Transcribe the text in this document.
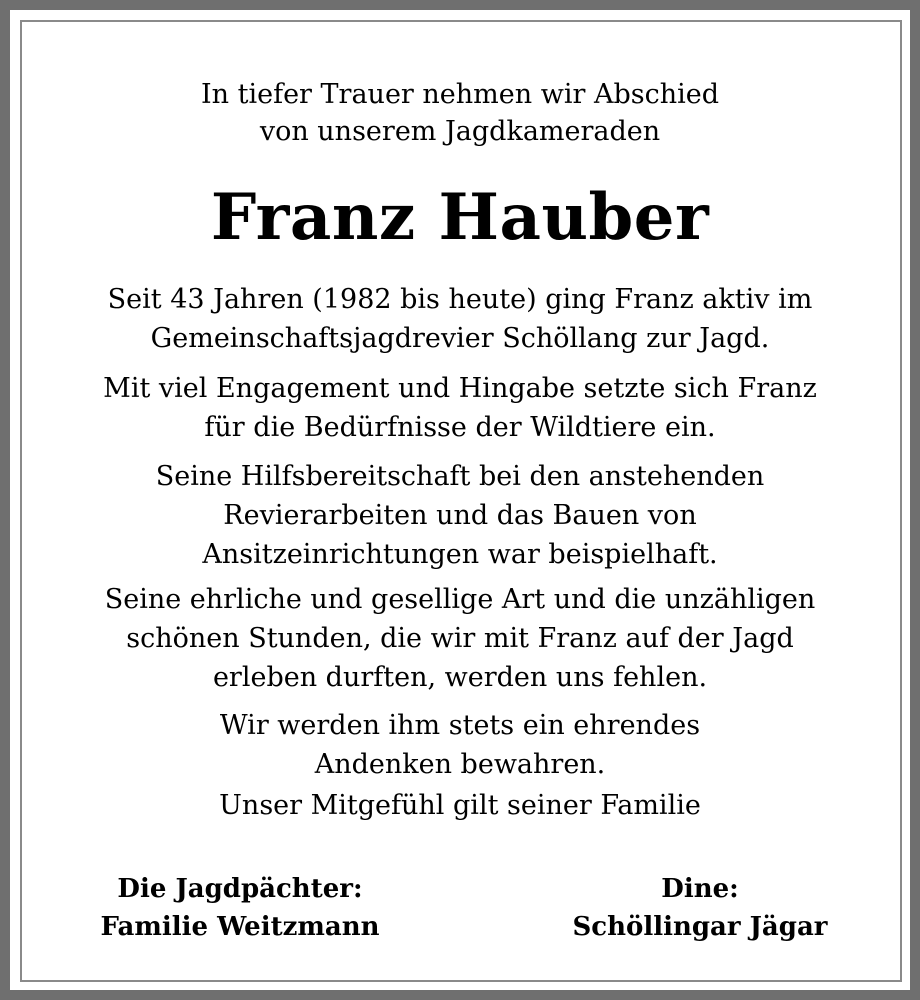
In tiefer Trauer nehmen wir Abschied
von unserem Jagdkameraden
Franz Hauber
Seit 43 Jahren (1982 bis heute) ging Franz aktiv im
Gemeinschaftsjagdrevier Schöllang zur Jagd.
Mit viel Engagement und Hingabe setzte sich Franz
für die Bedürfnisse der Wildtiere ein.
Seine Hilfsbereitschaft bei den anstehenden
Revierarbeiten und das Bauen von
Ansitzeinrichtungen war beispielhaft.
Seine ehrliche und gesellige Art und die unzähligen
schönen Stunden, die wir mit Franz auf der Jagd
erleben durften, werden uns fehlen.
Wir werden ihm stets ein ehrendes
Andenken bewahren.
Unser Mitgefühl gilt seiner Familie
Die Jagdpächter:
Familie Weitzmann
Dine:
Schöllingar Jägar
